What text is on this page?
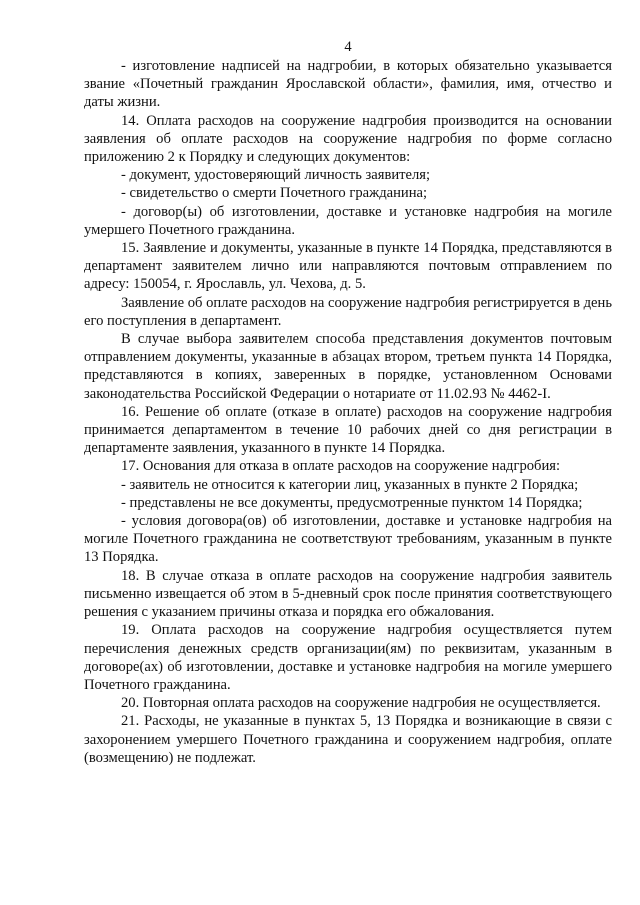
4

- изготовление надписей на надгробии, в которых обязательно указывается звание «Почетный гражданин Ярославской области», фамилия, имя, отчество и даты жизни.

14. Оплата расходов на сооружение надгробия производится на основании заявления об оплате расходов на сооружение надгробия по форме согласно приложению 2 к Порядку и следующих документов:

- документ, удостоверяющий личность заявителя;

- свидетельство о смерти Почетного гражданина;

- договор(ы) об изготовлении, доставке и установке надгробия на могиле умершего Почетного гражданина.

15. Заявление и документы, указанные в пункте 14 Порядка, представляются в департамент заявителем лично или направляются почтовым отправлением по адресу: 150054, г. Ярославль, ул. Чехова, д. 5.

Заявление об оплате расходов на сооружение надгробия регистрируется в день его поступления в департамент.

В случае выбора заявителем способа представления документов почтовым отправлением документы, указанные в абзацах втором, третьем пункта 14 Порядка, представляются в копиях, заверенных в порядке, установленном Основами законодательства Российской Федерации о нотариате от 11.02.93 № 4462-I.

16. Решение об оплате (отказе в оплате) расходов на сооружение надгробия принимается департаментом в течение 10 рабочих дней со дня регистрации в департаменте заявления, указанного в пункте 14 Порядка.

17. Основания для отказа в оплате расходов на сооружение надгробия:

- заявитель не относится к категории лиц, указанных в пункте 2 Порядка;

- представлены не все документы, предусмотренные пунктом 14 Порядка;

- условия договора(ов) об изготовлении, доставке и установке надгробия на могиле Почетного гражданина не соответствуют требованиям, указанным в пункте 13 Порядка.

18. В случае отказа в оплате расходов на сооружение надгробия заявитель письменно извещается об этом в 5-дневный срок после принятия соответствующего решения с указанием причины отказа и порядка его обжалования.

19. Оплата расходов на сооружение надгробия осуществляется путем перечисления денежных средств организации(ям) по реквизитам, указанным в договоре(ах) об изготовлении, доставке и установке надгробия на могиле умершего Почетного гражданина.

20. Повторная оплата расходов на сооружение надгробия не осуществляется.

21. Расходы, не указанные в пунктах 5, 13 Порядка и возникающие в связи с захоронением умершего Почетного гражданина и сооружением надгробия, оплате (возмещению) не подлежат.
